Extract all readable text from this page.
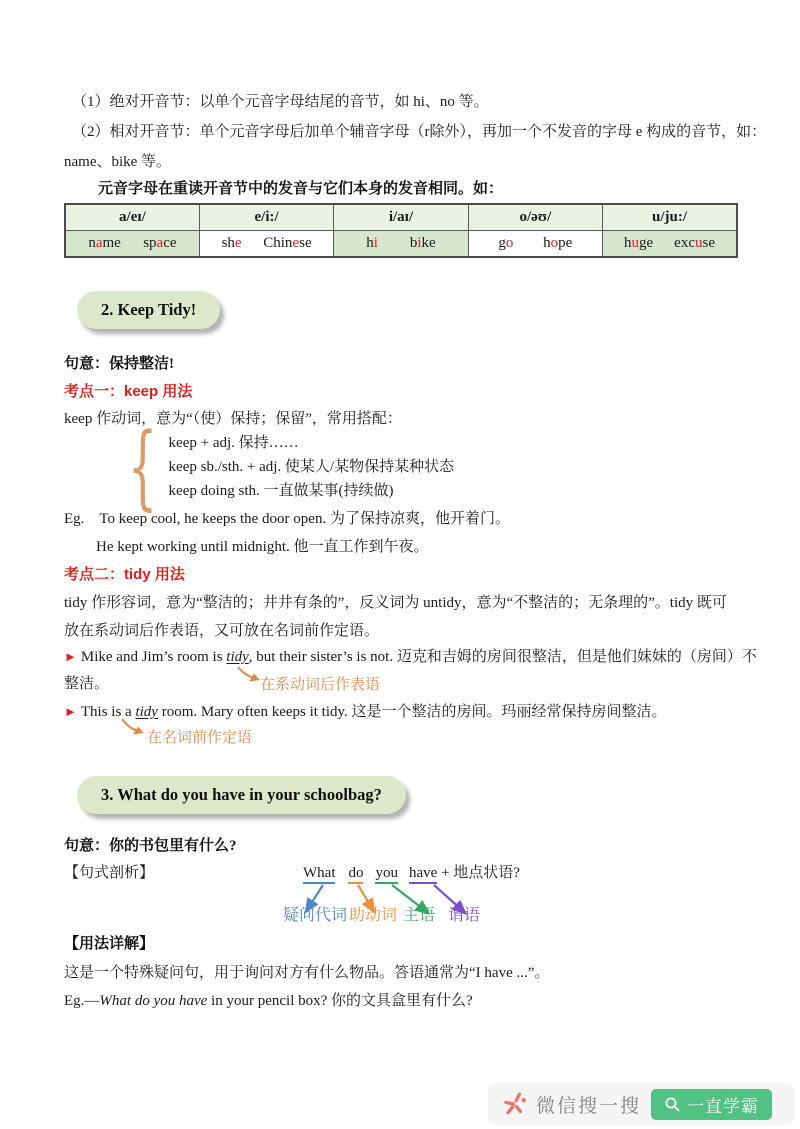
（1）绝对开音节：以单个元音字母结尾的音节，如 hi、no 等。
（2）相对开音节：单个元音字母后加单个辅音字母（r除外），再加一个不发音的字母 e 构成的音节，如：
name、bike 等。
元音字母在重读开音节中的发音与它们本身的发音相同。如：
a/eɪ/	e/i:/	i/aɪ/	o/əʊ/	u/ju:/

name space	she Chinese	hi bike	go hope	huge excuse
2. Keep Tidy!
句意：保持整洁!
考点一：keep 用法
keep 作动词，意为“（使）保持；保留”，常用搭配：
{ keep + adj. 保持……
keep sb./sth. + adj. 使某人/某物保持某种状态
keep doing sth. 一直做某事(持续做)
Eg.　To keep cool, he keeps the door open. 为了保持凉爽，他开着门。
He kept working until midnight. 他一直工作到午夜。
考点二：tidy 用法
tidy 作形容词，意为“整洁的；井井有条的”，反义词为 untidy，意为“不整洁的；无条理的”。tidy 既可
放在系动词后作表语，又可放在名词前作定语。
► Mike and Jim’s room is tidy, but their sister’s is not. 迈克和吉姆的房间很整洁，但是他们妹妹的（房间）不
整洁。	在系动词后作表语
► This is a tidy room. Mary often keeps it tidy. 这是一个整洁的房间。玛丽经常保持房间整洁。
在名词前作定语
3. What do you have in your schoolbag?
句意：你的书包里有什么?
【句式剖析】	What do you have + 地点状语?
疑问代词 助动词 主语 谓语
【用法详解】
这是一个特殊疑问句，用于询问对方有什么物品。答语通常为“I have ...”。
Eg.—What do you have in your pencil box? 你的文具盒里有什么?
微信搜一搜	一直学霸
